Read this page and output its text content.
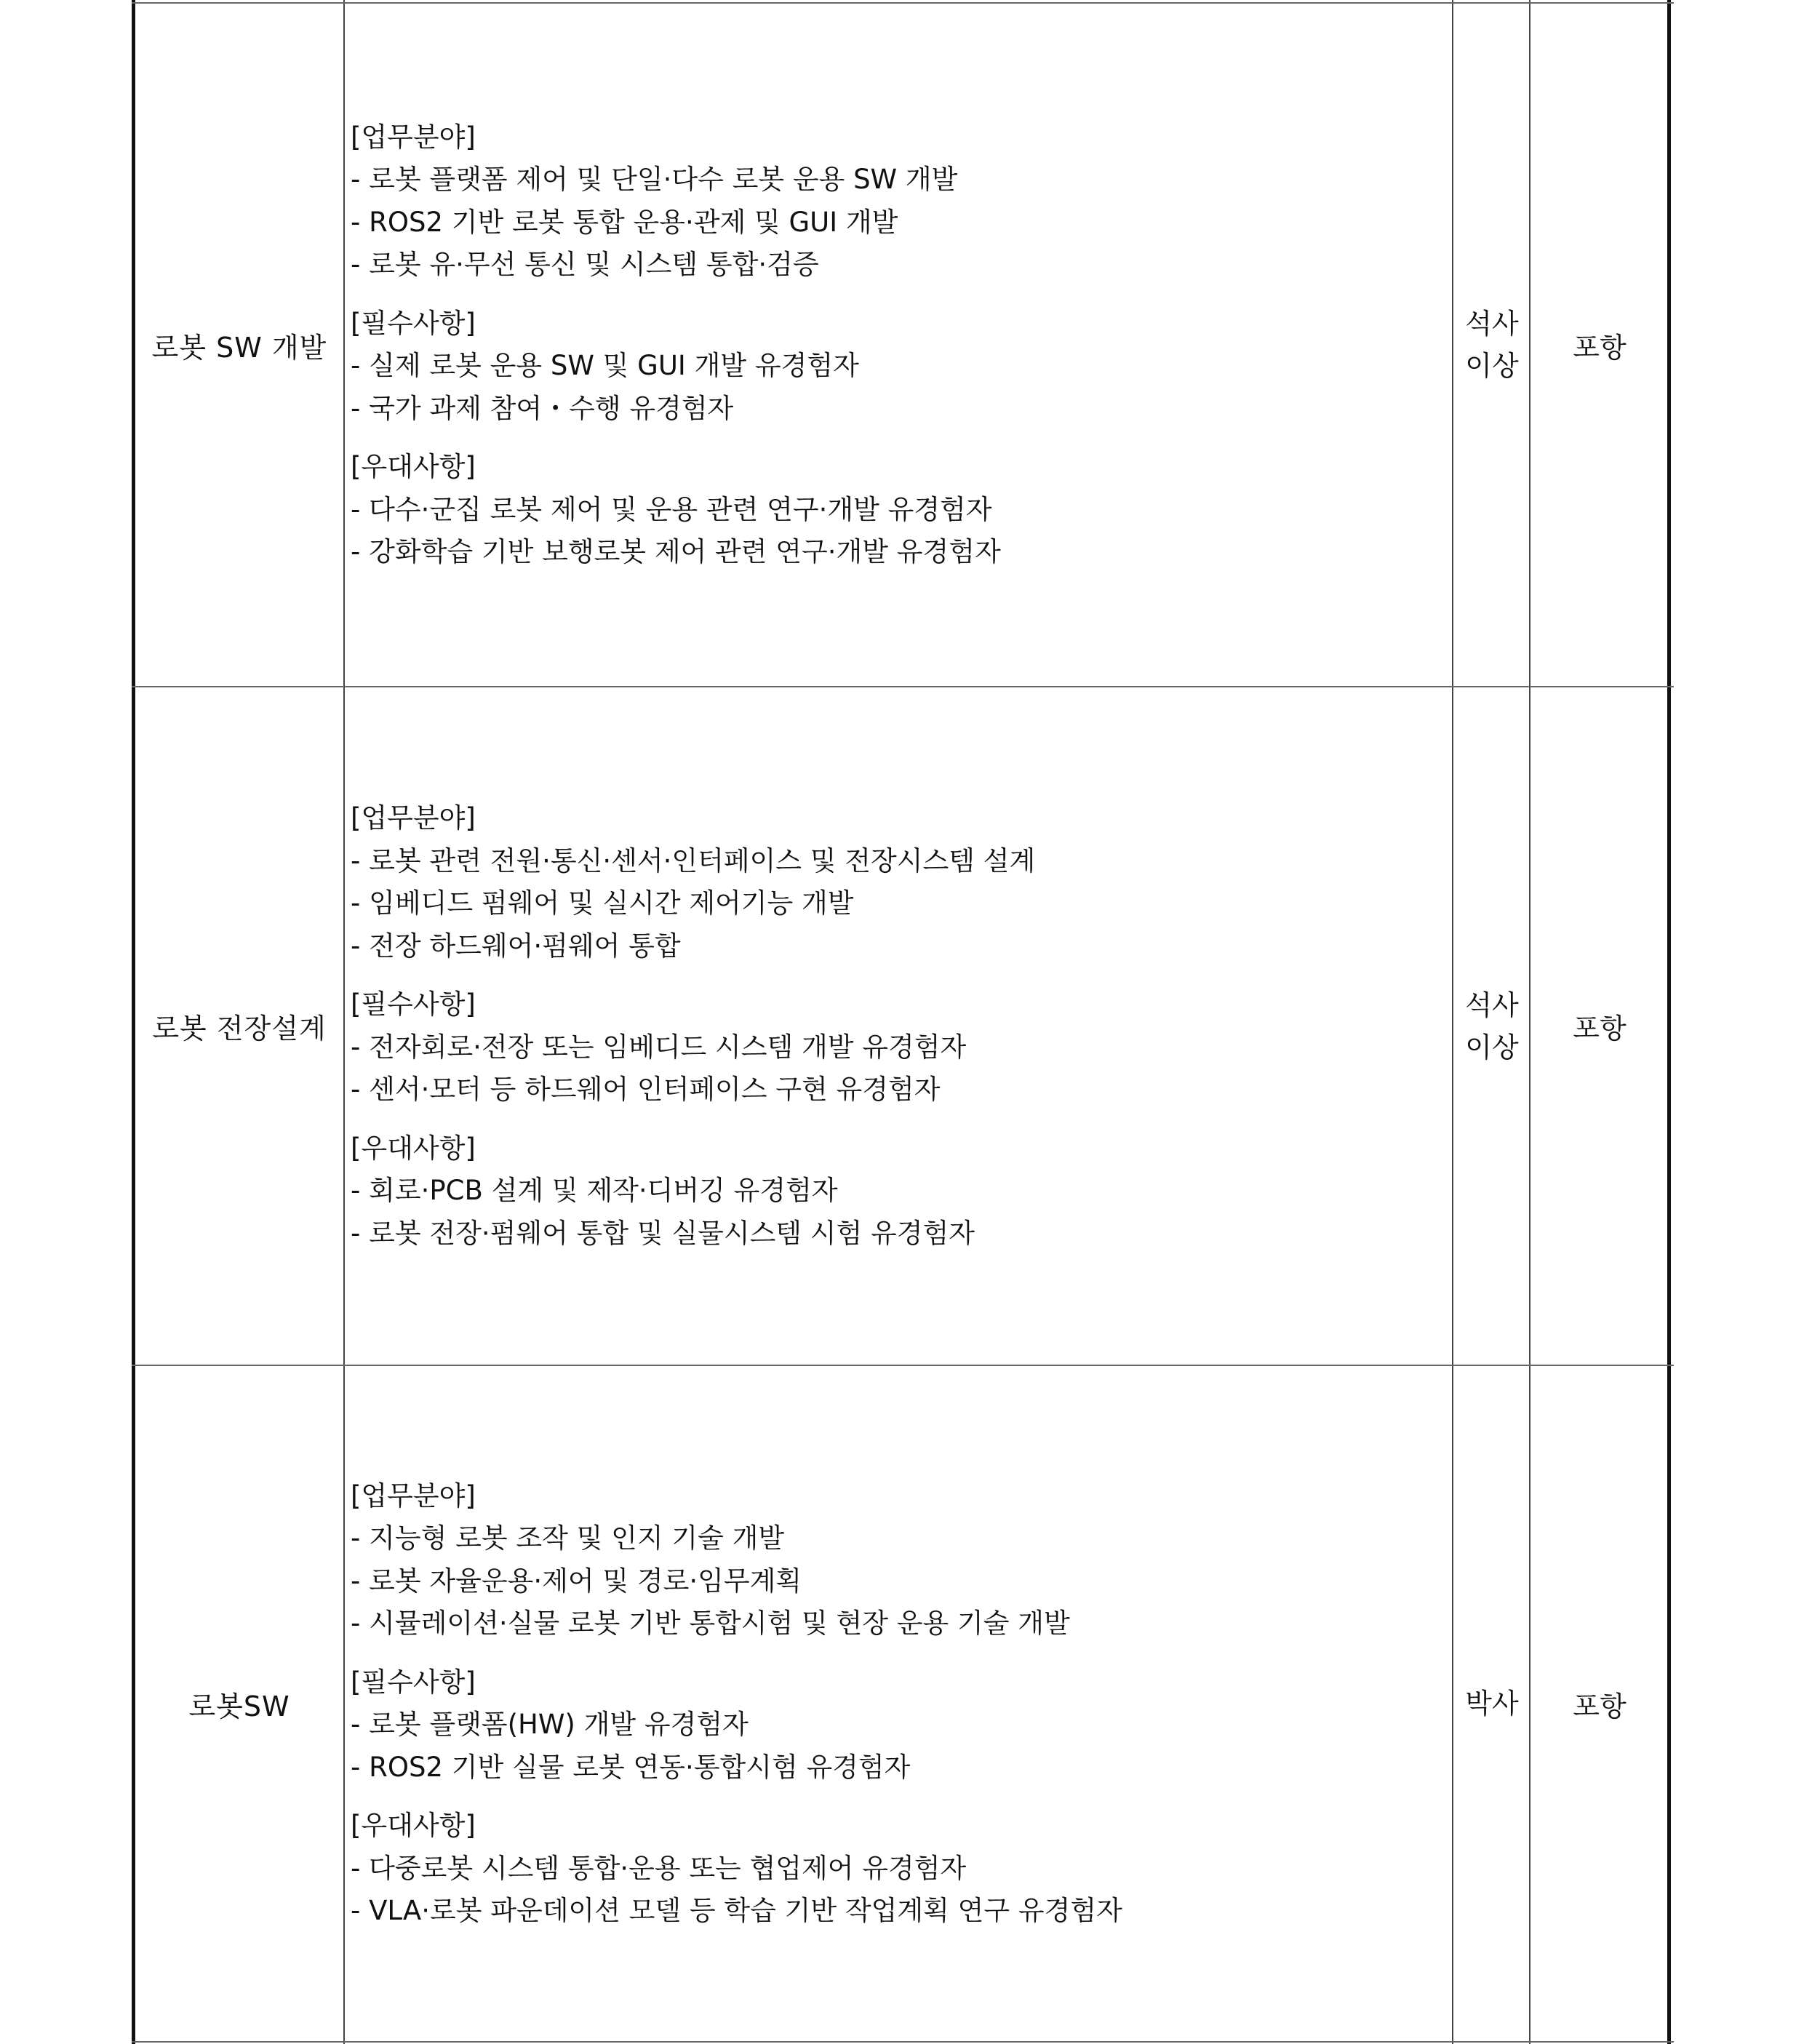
로봇 SW 개발
[업무분야]
- 로봇 플랫폼 제어 및 단일·다수 로봇 운용 SW 개발
- ROS2 기반 로봇 통합 운용·관제 및 GUI 개발
- 로봇 유·무선 통신 및 시스템 통합·검증
[필수사항]
- 실제 로봇 운용 SW 및 GUI 개발 유경험자
- 국가 과제 참여・수행 유경험자
[우대사항]
- 다수·군집 로봇 제어 및 운용 관련 연구·개발 유경험자
- 강화학습 기반 보행로봇 제어 관련 연구·개발 유경험자
석사
이상
포항
로봇 전장설계
[업무분야]
- 로봇 관련 전원·통신·센서·인터페이스 및 전장시스템 설계
- 임베디드 펌웨어 및 실시간 제어기능 개발
- 전장 하드웨어·펌웨어 통합
[필수사항]
- 전자회로·전장 또는 임베디드 시스템 개발 유경험자
- 센서·모터 등 하드웨어 인터페이스 구현 유경험자
[우대사항]
- 회로·PCB 설계 및 제작·디버깅 유경험자
- 로봇 전장·펌웨어 통합 및 실물시스템 시험 유경험자
석사
이상
포항
로봇SW
[업무분야]
- 지능형 로봇 조작 및 인지 기술 개발
- 로봇 자율운용·제어 및 경로·임무계획
- 시뮬레이션·실물 로봇 기반 통합시험 및 현장 운용 기술 개발
[필수사항]
- 로봇 플랫폼(HW) 개발 유경험자
- ROS2 기반 실물 로봇 연동·통합시험 유경험자
[우대사항]
- 다중로봇 시스템 통합·운용 또는 협업제어 유경험자
- VLA·로봇 파운데이션 모델 등 학습 기반 작업계획 연구 유경험자
박사	포항
